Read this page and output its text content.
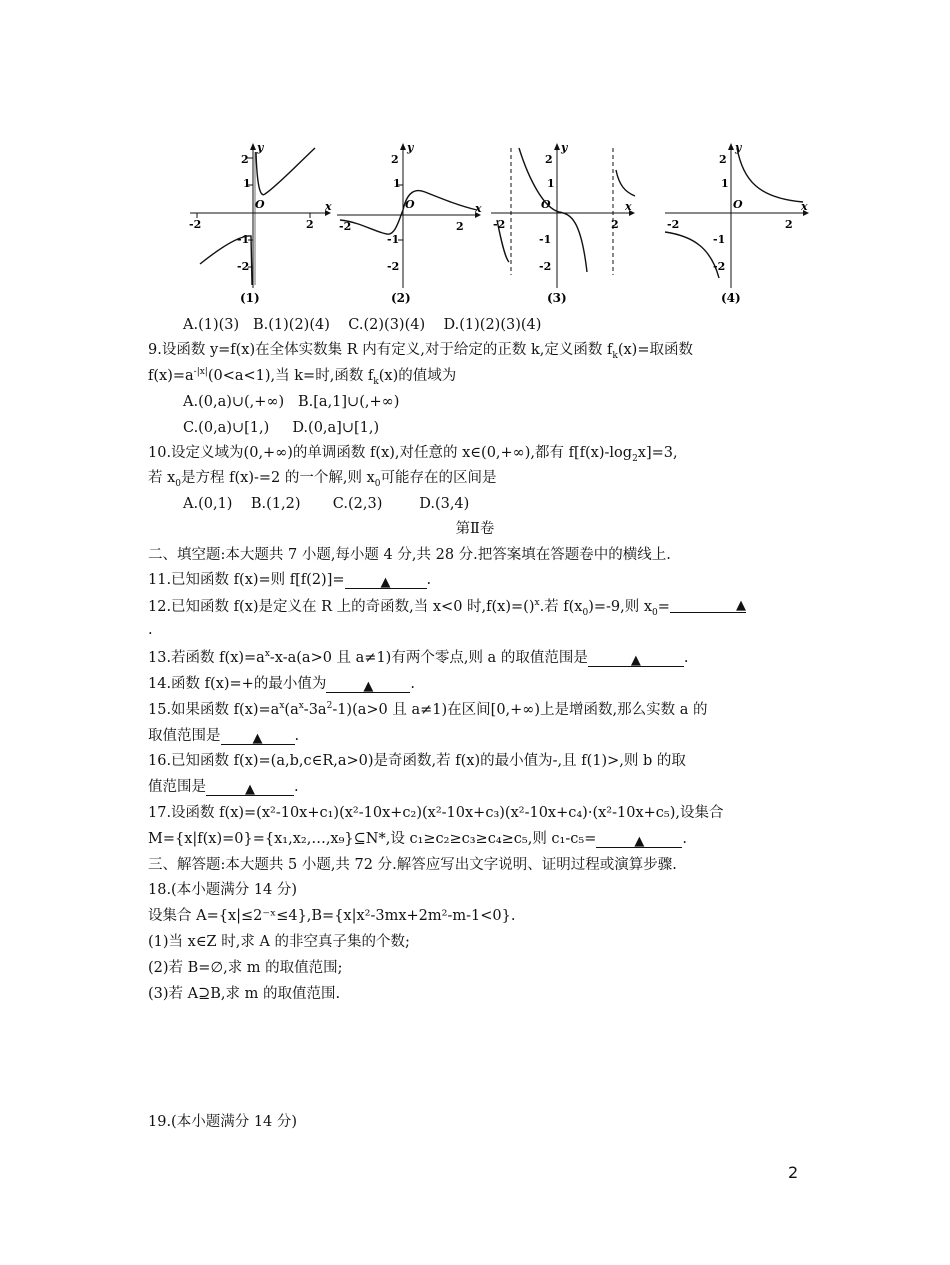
y
x
O
2
1
-1
-2
-2	2
(1)
y
x
O
2
1
-1
-2
-2	2
(2)
y
x
O
2
1
-1
-2
-2	2
(3)
y
x
O
2
1
-1
-2
-2	2
(4)
A.(1)(3)   B.(1)(2)(4)    C.(2)(3)(4)    D.(1)(2)(3)(4)
9.设函数 y=f(x)在全体实数集 R 内有定义,对于给定的正数 k,定义函数 $f_k(x)=$取函数
$f(x)=a^{-|x|}(0<a<1)$,当 k=时,函数 $f_k(x)$的值域为
A.(0,a)∪(,+∞)   B.[a,1]∪(,+∞)
C.(0,a)∪[1,)     D.(0,a]∪[1,)
10.设定义域为(0,+∞)的单调函数 f(x),对任意的 x∈(0,+∞),都有 $f[f(x)-\log_2x]=3$,
若 $x_0$是方程 f(x)-=2 的一个解,则 $x_0$可能存在的区间是
A.(0,1)    B.(1,2)       C.(2,3)        D.(3,4)
第Ⅱ卷
二、填空题:本大题共 7 小题,每小题 4 分,共 28 分.把答案填在答题卷中的横线上.
11.已知函数 f(x)=则 f[f(2)]=	▲ .
12.已知函数 f(x)是定义在 R 上的奇函数,当 x<0 时,f(x)=()$^x$.若 $f(x_0)=-9$,则 $x_0=$	▲
.
13.若函数 $f(x)=a^x-x-a(a>0$ 且 a≠1)有两个零点,则 a 的取值范围是	▲	.
14.函数 f(x)=+的最小值为	▲	.
15.如果函数 $f(x)=a^x(a^x-3a^2-1)(a>0$ 且 a≠1)在区间[0,+∞)上是增函数,那么实数 a 的
取值范围是 ▲ .
16.已知函数 f(x)=(a,b,c∈R,a>0)是奇函数,若 f(x)的最小值为-,且 f(1)>,则 b 的取
值范围是	▲	.
17.设函数 f(x)=(x²-10x+c₁)(x²-10x+c₂)(x²-10x+c₃)(x²-10x+c₄)·(x²-10x+c₅),设集合
M={x|f(x)=0}={x₁,x₂,…,x₉}⊆N*,设 c₁≥c₂≥c₃≥c₄≥c₅,则 c₁-c₅=	▲	.
三、解答题:本大题共 5 小题,共 72 分.解答应写出文字说明、证明过程或演算步骤.
18.(本小题满分 14 分)
设集合 A={x|≤2⁻ˣ≤4},B={x|x²-3mx+2m²-m-1<0}.
(1)当 x∈Z 时,求 A 的非空真子集的个数;
(2)若 B=∅,求 m 的取值范围;
(3)若 A⊇B,求 m 的取值范围.
19.(本小题满分 14 分)
2
